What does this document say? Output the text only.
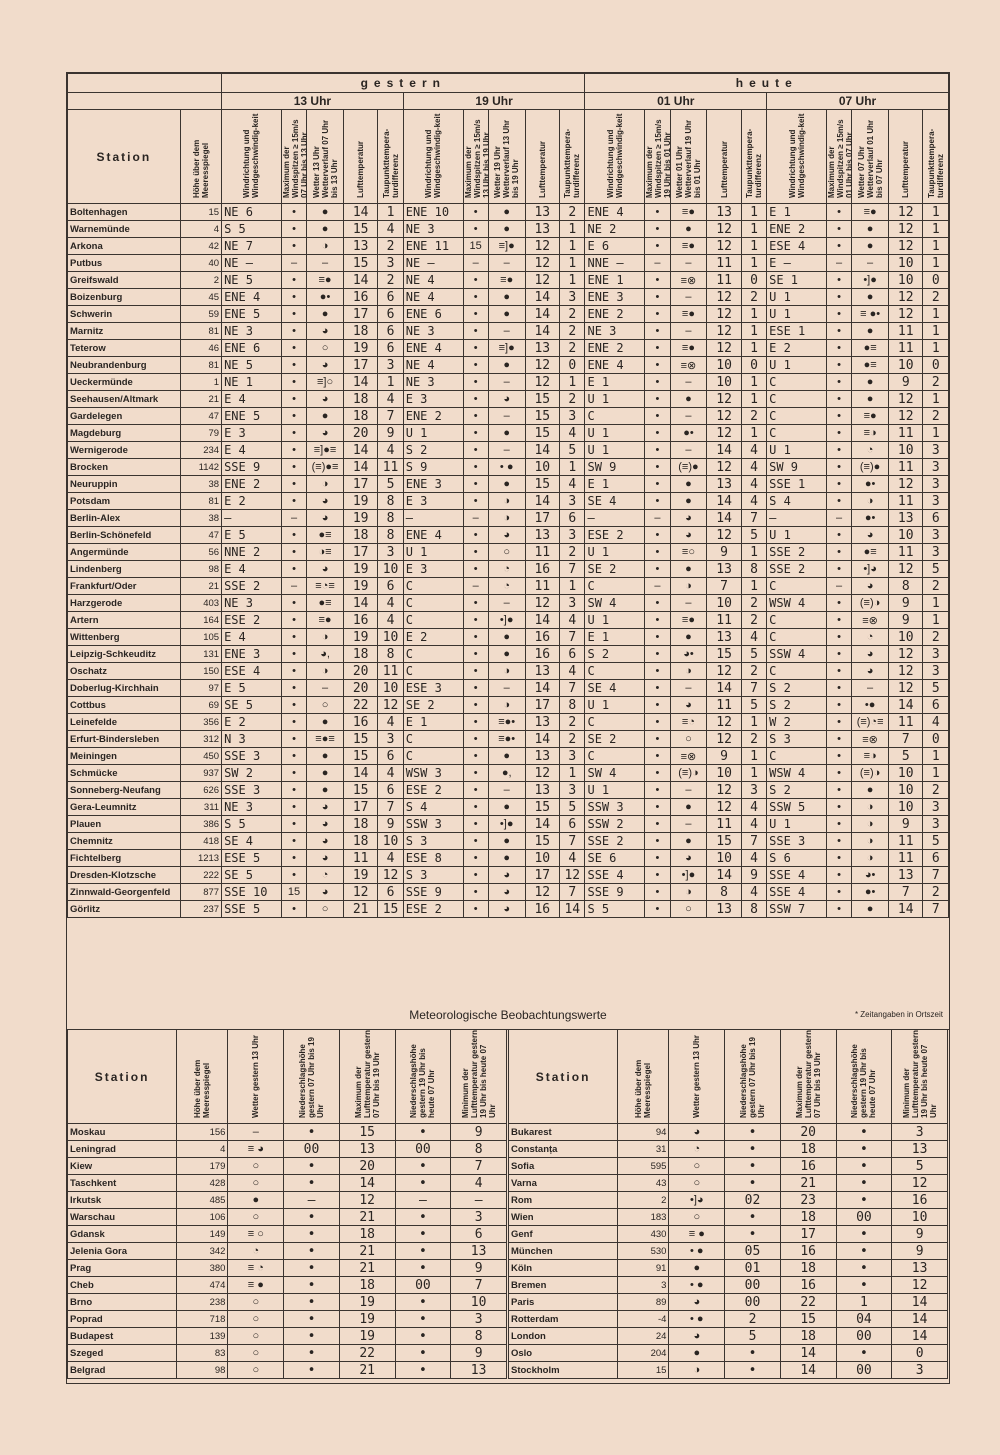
		gestern										heute									
		13 Uhr					19 Uhr					01 Uhr					07 Uhr				
Station	Höhe über dem Meeresspiegel	Windrichtung und Windgeschwindig-keit	Maximum der Windspitzen ≥ 15m/s 07 Uhr bis 13 Uhr	Wetter 13 Uhr Wetterverlauf 07 Uhr bis 13 Uhr	Lufttemperatur	Taupunkttempera-turdifferenz	Windrichtung und Windgeschwindig-keit	Maximum der Windspitzen ≥ 15m/s 13 Uhr bis 19 Uhr	Wetter 19 Uhr Wetterverlauf 13 Uhr bis 19 Uhr	Lufttemperatur	Taupunkttempera-turdifferenz	Windrichtung und Windgeschwindig-keit	Maximum der Windspitzen ≥ 15m/s 19 Uhr bis 01 Uhr	Wetter 01 Uhr Wetterverlauf 19 Uhr bis 01 Uhr	Lufttemperatur	Taupunkttempera-turdifferenz	Windrichtung und Windgeschwindig-keit	Maximum der Windspitzen ≥ 15m/s 01 Uhr bis 07 Uhr	Wetter 07 Uhr Wetterverlauf 01 Uhr bis 07 Uhr	Lufttemperatur	Taupunkttempera-turdifferenz
Boltenhagen	15	NE 6	•	●	14	1	ENE 10	•	●	13	2	ENE 4	•	≡●	13	1	E 1	•	≡●	12	1
Warnemünde	4	S 5	•	●	15	4	NE 3	•	●	13	1	NE 2	•	●	12	1	ENE 2	•	●	12	1
Arkona	42	NE 7	•	◑	13	2	ENE 11	15	≡]●	12	1	E 6	•	≡●	12	1	ESE 4	•	●	12	1
Putbus	40	NE –	–	–	15	3	NE –	–	–	12	1	NNE –	–	–	11	1	E –	–	–	10	1
Greifswald	2	NE 5	•	≡●	14	2	NE 4	•	≡●	12	1	ENE 1	•	≡⊗	11	0	SE 1	•	•]●	10	0
Boizenburg	45	ENE 4	•	●•	16	6	NE 4	•	●	14	3	ENE 3	•	–	12	2	U 1	•	●	12	2
Schwerin	59	ENE 5	•	●	17	6	ENE 6	•	●	14	2	ENE 2	•	≡●	12	1	U 1	•	≡ ●•	12	1
Marnitz	81	NE 3	•	◕	18	6	NE 3	•	–	14	2	NE 3	•	–	12	1	ESE 1	•	●	11	1
Teterow	46	ENE 6	•	○	19	6	ENE 4	•	≡]●	13	2	ENE 2	•	≡●	12	1	E 2	•	●≡	11	1
Neubrandenburg	81	NE 5	•	◕	17	3	NE 4	•	●	12	0	ENE 4	•	≡⊗	10	0	U 1	•	●≡	10	0
Ueckermünde	1	NE 1	•	≡]○	14	1	NE 3	•	–	12	1	E 1	•	–	10	1	C	•	●	9	2
Seehausen/Altmark	21	E 4	•	◕	18	4	E 3	•	◕	15	2	U 1	•	●	12	1	C	•	●	12	1
Gardelegen	47	ENE 5	•	●	18	7	ENE 2	•	–	15	3	C	•	–	12	2	C	•	≡●	12	2
Magdeburg	79	E 3	•	◕	20	9	U 1	•	●	15	4	U 1	•	●•	12	1	C	•	≡◑	11	1
Wernigerode	234	E 4	•	≡]●≡	14	4	S 2	•	–	14	5	U 1	•	–	14	4	U 1	•	◔	10	3
Brocken	1142	SSE 9	•	(≡)●≡	14	11	S 9	•	• ●	10	1	SW 9	•	(≡)●	12	4	SW 9	•	(≡)●	11	3
Neuruppin	38	ENE 2	•	◑	17	5	ENE 3	•	●	15	4	E 1	•	●	13	4	SSE 1	•	●•	12	3
Potsdam	81	E 2	•	◕	19	8	E 3	•	◑	14	3	SE 4	•	●	14	4	S 4	•	◑	11	3
Berlin-Alex	38	–	–	◕	19	8	–	–	◑	17	6	–	–	◕	14	7	–	–	●•	13	6
Berlin-Schönefeld	47	E 5	•	●≡	18	8	ENE 4	•	◕	13	3	ESE 2	•	◕	12	5	U 1	•	◕	10	3
Angermünde	56	NNE 2	•	◑≡	17	3	U 1	•	○	11	2	U 1	•	≡○	9	1	SSE 2	•	●≡	11	3
Lindenberg	98	E 4	•	◕	19	10	E 3	•	◔	16	7	SE 2	•	●	13	8	SSE 2	•	•]◕	12	5
Frankfurt/Oder	21	SSE 2	–	≡◔≡	19	6	C	–	◔	11	1	C	–	◑	7	1	C	–	◕	8	2
Harzgerode	403	NE 3	•	●≡	14	4	C	•	–	12	3	SW 4	•	–	10	2	WSW 4	•	(≡)◑	9	1
Artern	164	ESE 2	•	≡●	16	4	C	•	•]●	14	4	U 1	•	≡●	11	2	C	•	≡⊗	9	1
Wittenberg	105	E 4	•	◑	19	10	E 2	•	●	16	7	E 1	•	●	13	4	C	•	◔	10	2
Leipzig-Schkeuditz	131	ENE 3	•	◕,	18	8	C	•	●	16	6	S 2	•	◕•	15	5	SSW 4	•	◕	12	3
Oschatz	150	ESE 4	•	◑	20	11	C	•	◑	13	4	C	•	◑	12	2	C	•	◕	12	3
Doberlug-Kirchhain	97	E 5	•	–	20	10	ESE 3	•	–	14	7	SE 4	•	–	14	7	S 2	•	–	12	5
Cottbus	69	SE 5	•	○	22	12	SE 2	•	◑	17	8	U 1	•	◕	11	5	S 2	•	•●	14	6
Leinefelde	356	E 2	•	●	16	4	E 1	•	≡●•	13	2	C	•	≡◔	12	1	W 2	•	(≡)◔≡	11	4
Erfurt-Bindersleben	312	N 3	•	≡●≡	15	3	C	•	≡●•	14	2	SE 2	•	○	12	2	S 3	•	≡⊗	7	0
Meiningen	450	SSE 3	•	●	15	6	C	•	●	13	3	C	•	≡⊗	9	1	C	•	≡◑	5	1
Schmücke	937	SW 2	•	●	14	4	WSW 3	•	●,	12	1	SW 4	•	(≡)◑	10	1	WSW 4	•	(≡)◑	10	1
Sonneberg-Neufang	626	SSE 3	•	●	15	6	ESE 2	•	–	13	3	U 1	•	–	12	3	S 2	•	●	10	2
Gera-Leumnitz	311	NE 3	•	◕	17	7	S 4	•	●	15	5	SSW 3	•	●	12	4	SSW 5	•	◑	10	3
Plauen	386	S 5	•	◕	18	9	SSW 3	•	•]●	14	6	SSW 2	•	–	11	4	U 1	•	◑	9	3
Chemnitz	418	SE 4	•	◕	18	10	S 3	•	●	15	7	SSE 2	•	●	15	7	SSE 3	•	◑	11	5
Fichtelberg	1213	ESE 5	•	◕	11	4	ESE 8	•	●	10	4	SE 6	•	◕	10	4	S 6	•	◑	11	6
Dresden-Klotzsche	222	SE 5	•	◔	19	12	S 3	•	◕	17	12	SSE 4	•	•]●	14	9	SSE 4	•	◕•	13	7
Zinnwald-Georgenfeld	877	SSE 10	15	◕	12	6	SSE 9	•	◕	12	7	SSE 9	•	◑	8	4	SSE 4	•	●•	7	2
Görlitz	237	SSE 5	•	○	21	15	ESE 2	•	◕	16	14	S 5	•	○	13	8	SSW 7	•	●	14	7
Meteorologische Beobachtungswerte	* Zeitangaben in Ortszeit
Station	Höhe über dem Meeresspiegel	Wetter gestern 13 Uhr	Niederschlagshöhe gestern 07 Uhr bis 19 Uhr	Maximum der Lufttemperatur gestern 07 Uhr bis 19 Uhr	Niederschlagshöhe gestern 19 Uhr bis heute 07 Uhr	Minimum der Lufttemperatur gestern 19 Uhr bis heute 07 Uhr
Moskau	156	–	•	15	•	9
Leningrad	4	≡ ◕	00	13	00	8
Kiew	179	○	•	20	•	7
Taschkent	428	○	•	14	•	4
Irkutsk	485	●	–	12	–	–
Warschau	106	○	•	21	•	3
Gdansk	149	≡ ○	•	18	•	6
Jelenia Gora	342	◔	•	21	•	13
Prag	380	≡ ◔	•	21	•	9
Cheb	474	≡ ●	•	18	00	7
Brno	238	○	•	19	•	10
Poprad	718	○	•	19	•	3
Budapest	139	○	•	19	•	8
Szeged	83	○	•	22	•	9
Belgrad	98	○	•	21	•	13
Station	Höhe über dem Meeresspiegel	Wetter gestern 13 Uhr	Niederschlagshöhe gestern 07 Uhr bis 19 Uhr	Maximum der Lufttemperatur gestern 07 Uhr bis 19 Uhr	Niederschlagshöhe gestern 19 Uhr bis heute 07 Uhr	Minimum der Lufttemperatur gestern 19 Uhr bis heute 07 Uhr
Bukarest	94	◕	•	20	•	3
Constanța	31	◔	•	18	•	13
Sofia	595	○	•	16	•	5
Varna	43	○	•	21	•	12
Rom	2	•]◕	02	23	•	16
Wien	183	○	•	18	00	10
Genf	430	≡ ●	•	17	•	9
München	530	• ●	05	16	•	9
Köln	91	●	01	18	•	13
Bremen	3	• ●	00	16	•	12
Paris	89	◕	00	22	1	14
Rotterdam	-4	• ●	2	15	04	14
London	24	◕	5	18	00	14
Oslo	204	●	•	14	•	0
Stockholm	15	◑	•	14	00	3
